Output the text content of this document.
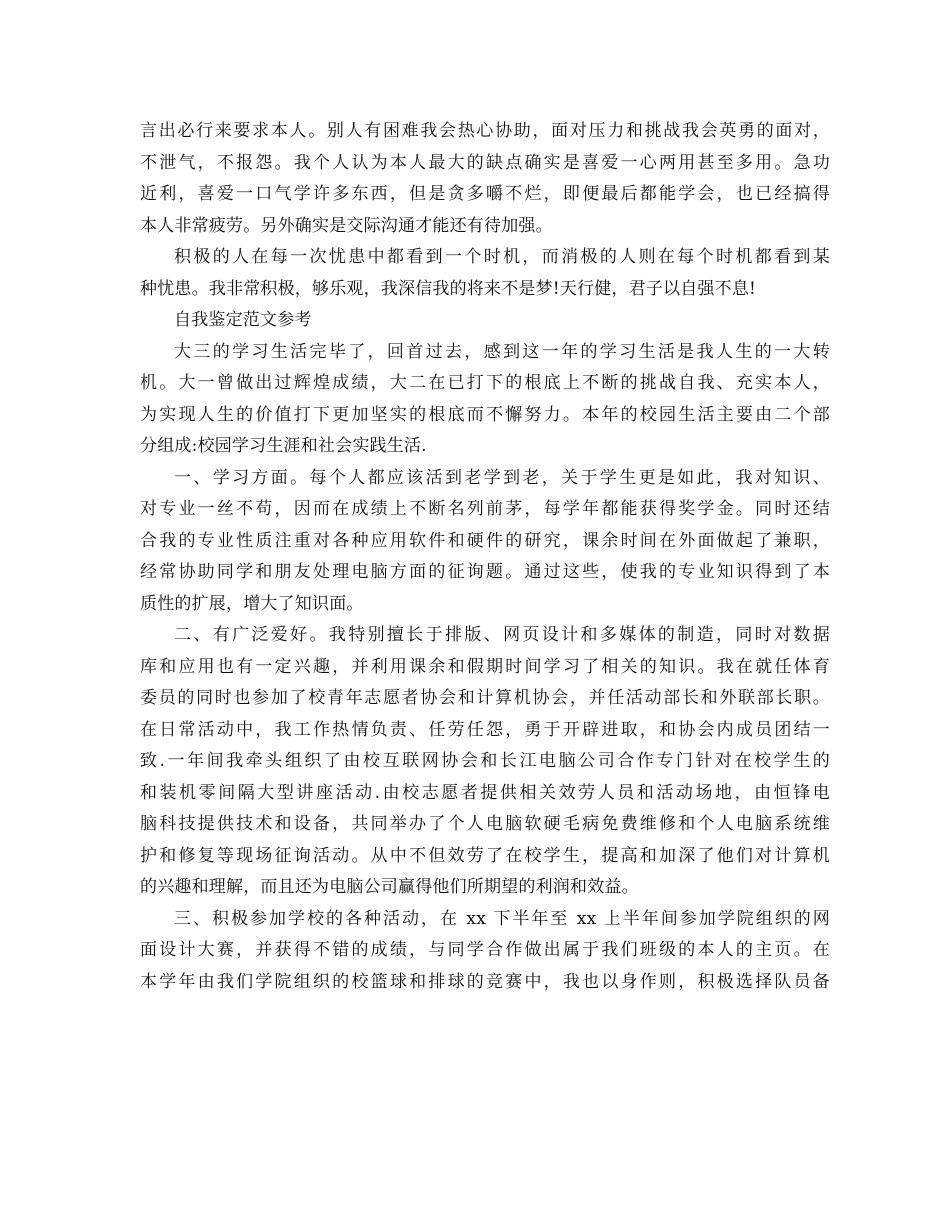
言出必行来要求本人。别人有困难我会热心协助，面对压力和挑战我会英勇的面对，
不泄气，不报怨。我个人认为本人最大的缺点确实是喜爱一心两用甚至多用。急功
近利，喜爱一口气学许多东西，但是贪多嚼不烂，即便最后都能学会，也已经搞得
本人非常疲劳。另外确实是交际沟通才能还有待加强。
积极的人在每一次忧患中都看到一个时机，而消极的人则在每个时机都看到某
种忧患。我非常积极，够乐观，我深信我的将来不是梦!天行健，君子以自强不息!
自我鉴定范文参考
大三的学习生活完毕了，回首过去，感到这一年的学习生活是我人生的一大转
机。大一曾做出过辉煌成绩，大二在已打下的根底上不断的挑战自我、充实本人，
为实现人生的价值打下更加坚实的根底而不懈努力。本年的校园生活主要由二个部
分组成:校园学习生涯和社会实践生活.
一、学习方面。每个人都应该活到老学到老，关于学生更是如此，我对知识、
对专业一丝不苟，因而在成绩上不断名列前茅，每学年都能获得奖学金。同时还结
合我的专业性质注重对各种应用软件和硬件的研究，课余时间在外面做起了兼职，
经常协助同学和朋友处理电脑方面的征询题。通过这些，使我的专业知识得到了本
质性的扩展，增大了知识面。
二、有广泛爱好。我特别擅长于排版、网页设计和多媒体的制造，同时对数据
库和应用也有一定兴趣，并利用课余和假期时间学习了相关的知识。我在就任体育
委员的同时也参加了校青年志愿者协会和计算机协会，并任活动部长和外联部长职。
在日常活动中，我工作热情负责、任劳任怨，勇于开辟进取，和协会内成员团结一
致.一年间我牵头组织了由校互联网协会和长江电脑公司合作专门针对在校学生的
和装机零间隔大型讲座活动.由校志愿者提供相关效劳人员和活动场地，由恒锋电
脑科技提供技术和设备，共同举办了个人电脑软硬毛病免费维修和个人电脑系统维
护和修复等现场征询活动。从中不但效劳了在校学生，提高和加深了他们对计算机
的兴趣和理解，而且还为电脑公司赢得他们所期望的利润和效益。
三、积极参加学校的各种活动，在 xx 下半年至 xx 上半年间参加学院组织的网
面设计大赛，并获得不错的成绩，与同学合作做出属于我们班级的本人的主页。在
本学年由我们学院组织的校篮球和排球的竞赛中，我也以身作则，积极选择队员备
